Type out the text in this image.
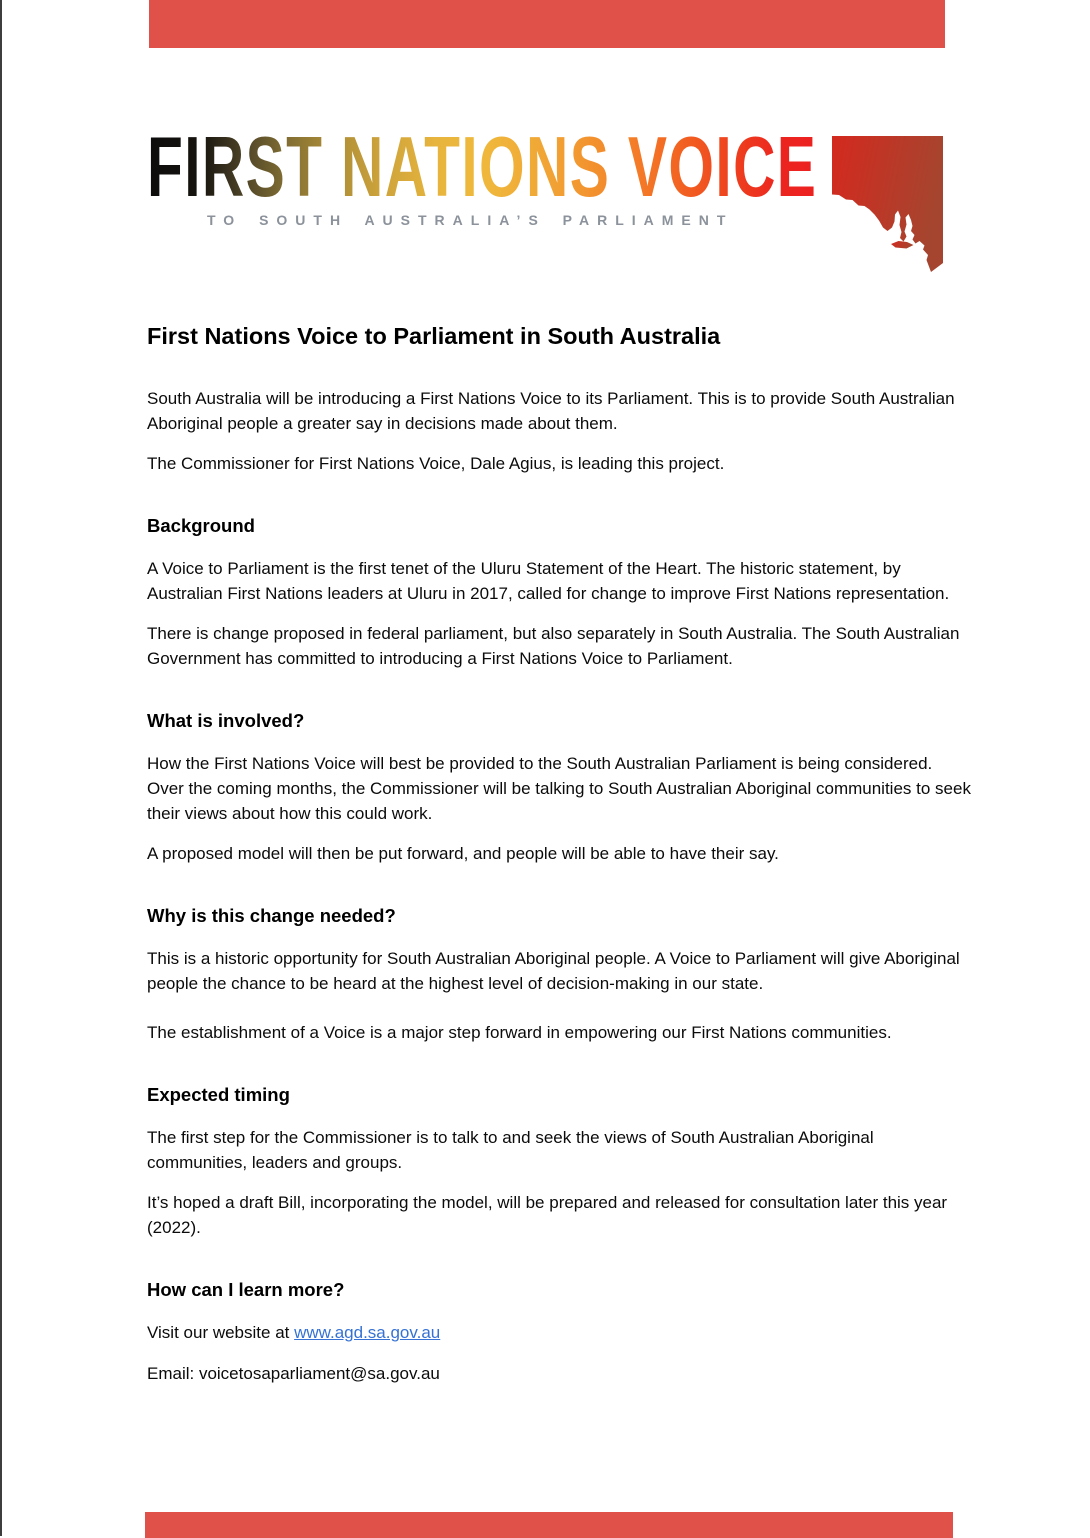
FIRST NATIONS VOICE
TO SOUTH AUSTRALIA’S PARLIAMENT
First Nations Voice to Parliament in South Australia

South Australia will be introducing a First Nations Voice to its Parliament. This is to provide South Australian Aboriginal people a greater say in decisions made about them.

The Commissioner for First Nations Voice, Dale Agius, is leading this project.

Background

A Voice to Parliament is the first tenet of the Uluru Statement of the Heart. The historic statement, by Australian First Nations leaders at Uluru in 2017, called for change to improve First Nations representation.

There is change proposed in federal parliament, but also separately in South Australia. The South Australian Government has committed to introducing a First Nations Voice to Parliament.

What is involved?

How the First Nations Voice will best be provided to the South Australian Parliament is being considered. Over the coming months, the Commissioner will be talking to South Australian Aboriginal communities to seek their views about how this could work.

A proposed model will then be put forward, and people will be able to have their say.

Why is this change needed?

This is a historic opportunity for South Australian Aboriginal people. A Voice to Parliament will give Aboriginal people the chance to be heard at the highest level of decision-making in our state.

The establishment of a Voice is a major step forward in empowering our First Nations communities.

Expected timing

The first step for the Commissioner is to talk to and seek the views of South Australian Aboriginal communities, leaders and groups.

It’s hoped a draft Bill, incorporating the model, will be prepared and released for consultation later this year (2022).

How can I learn more?

Visit our website at www.agd.sa.gov.au

Email: voicetosaparliament@sa.gov.au
